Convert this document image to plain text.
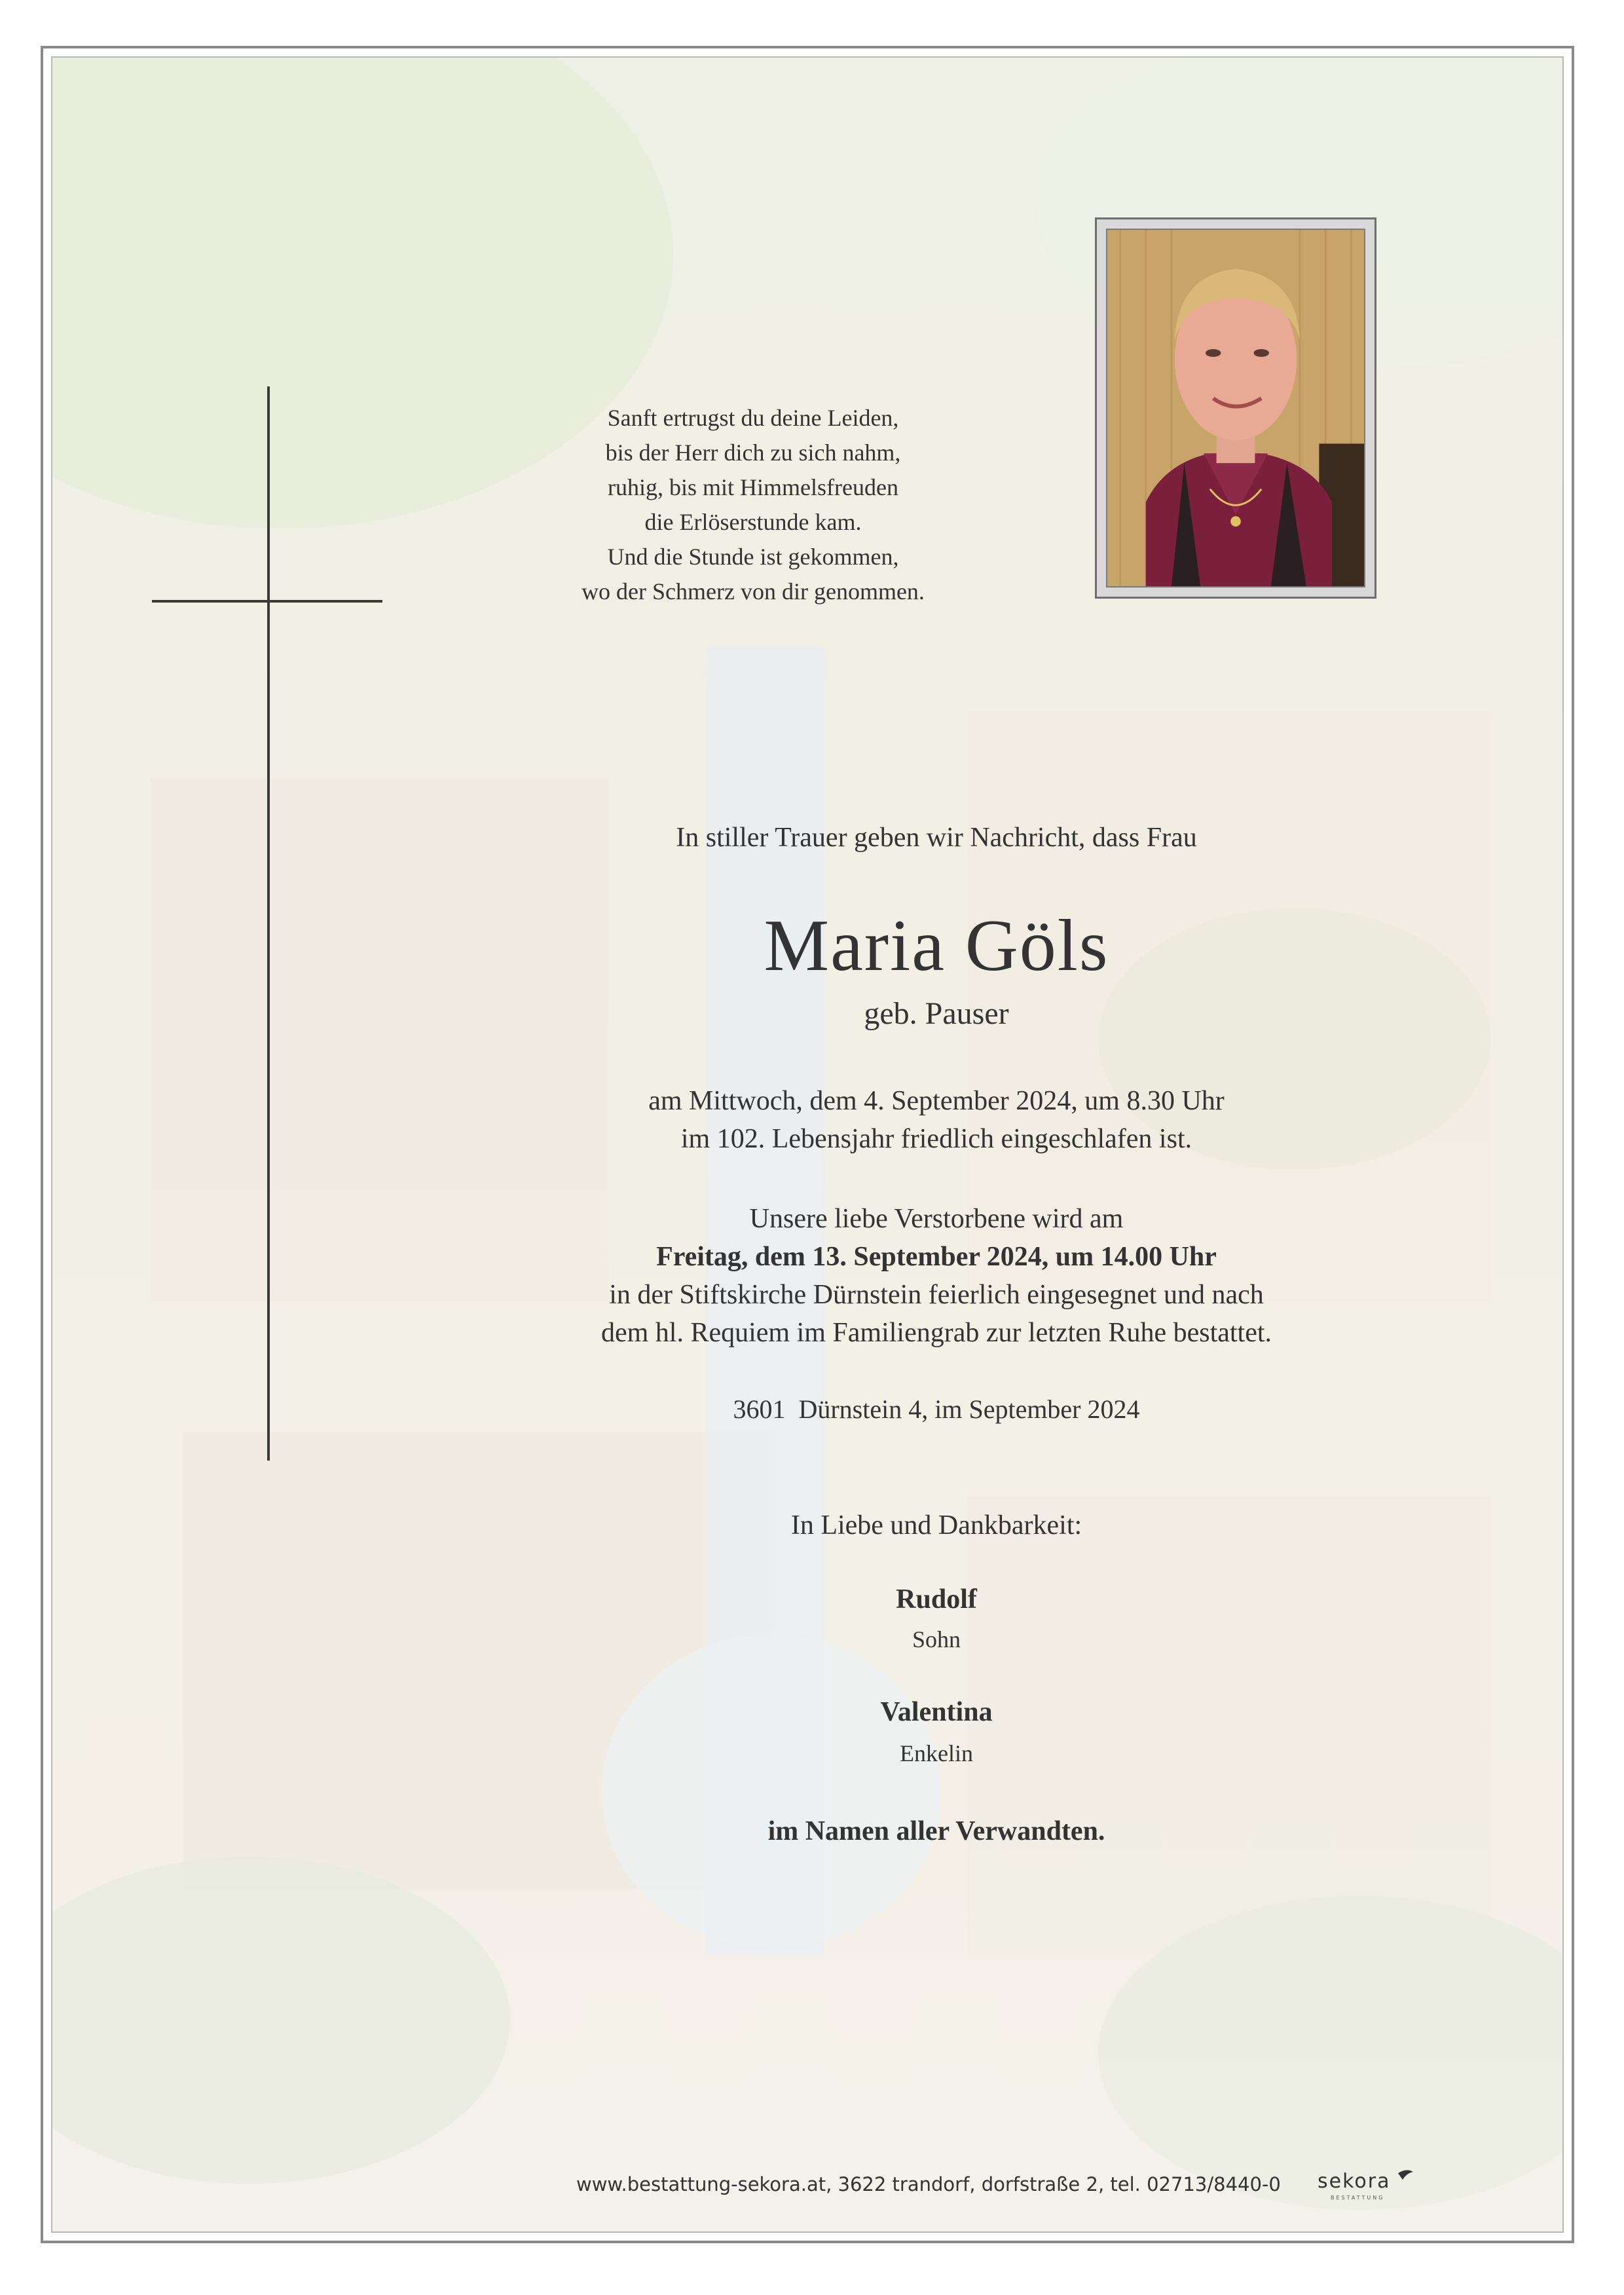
Sanft ertrugst du deine Leiden,
bis der Herr dich zu sich nahm,
ruhig, bis mit Himmelsfreuden
die Erlöserstunde kam.
Und die Stunde ist gekommen,
wo der Schmerz von dir genommen.
In stiller Trauer geben wir Nachricht, dass Frau
Maria Göls
geb. Pauser
am Mittwoch, dem 4. September 2024, um 8.30 Uhr
im 102. Lebensjahr friedlich eingeschlafen ist.
Unsere liebe Verstorbene wird am
Freitag, dem 13. September 2024, um 14.00 Uhr
in der Stiftskirche Dürnstein feierlich eingesegnet und nach
dem hl. Requiem im Familiengrab zur letzten Ruhe bestattet.
3601  Dürnstein 4, im September 2024
In Liebe und Dankbarkeit:
Rudolf
Sohn
Valentina
Enkelin
im Namen aller Verwandten.
www.bestattung-sekora.at, 3622 trandorf, dorfstraße 2, tel. 02713/8440-0 sekora
BESTATTUNG
